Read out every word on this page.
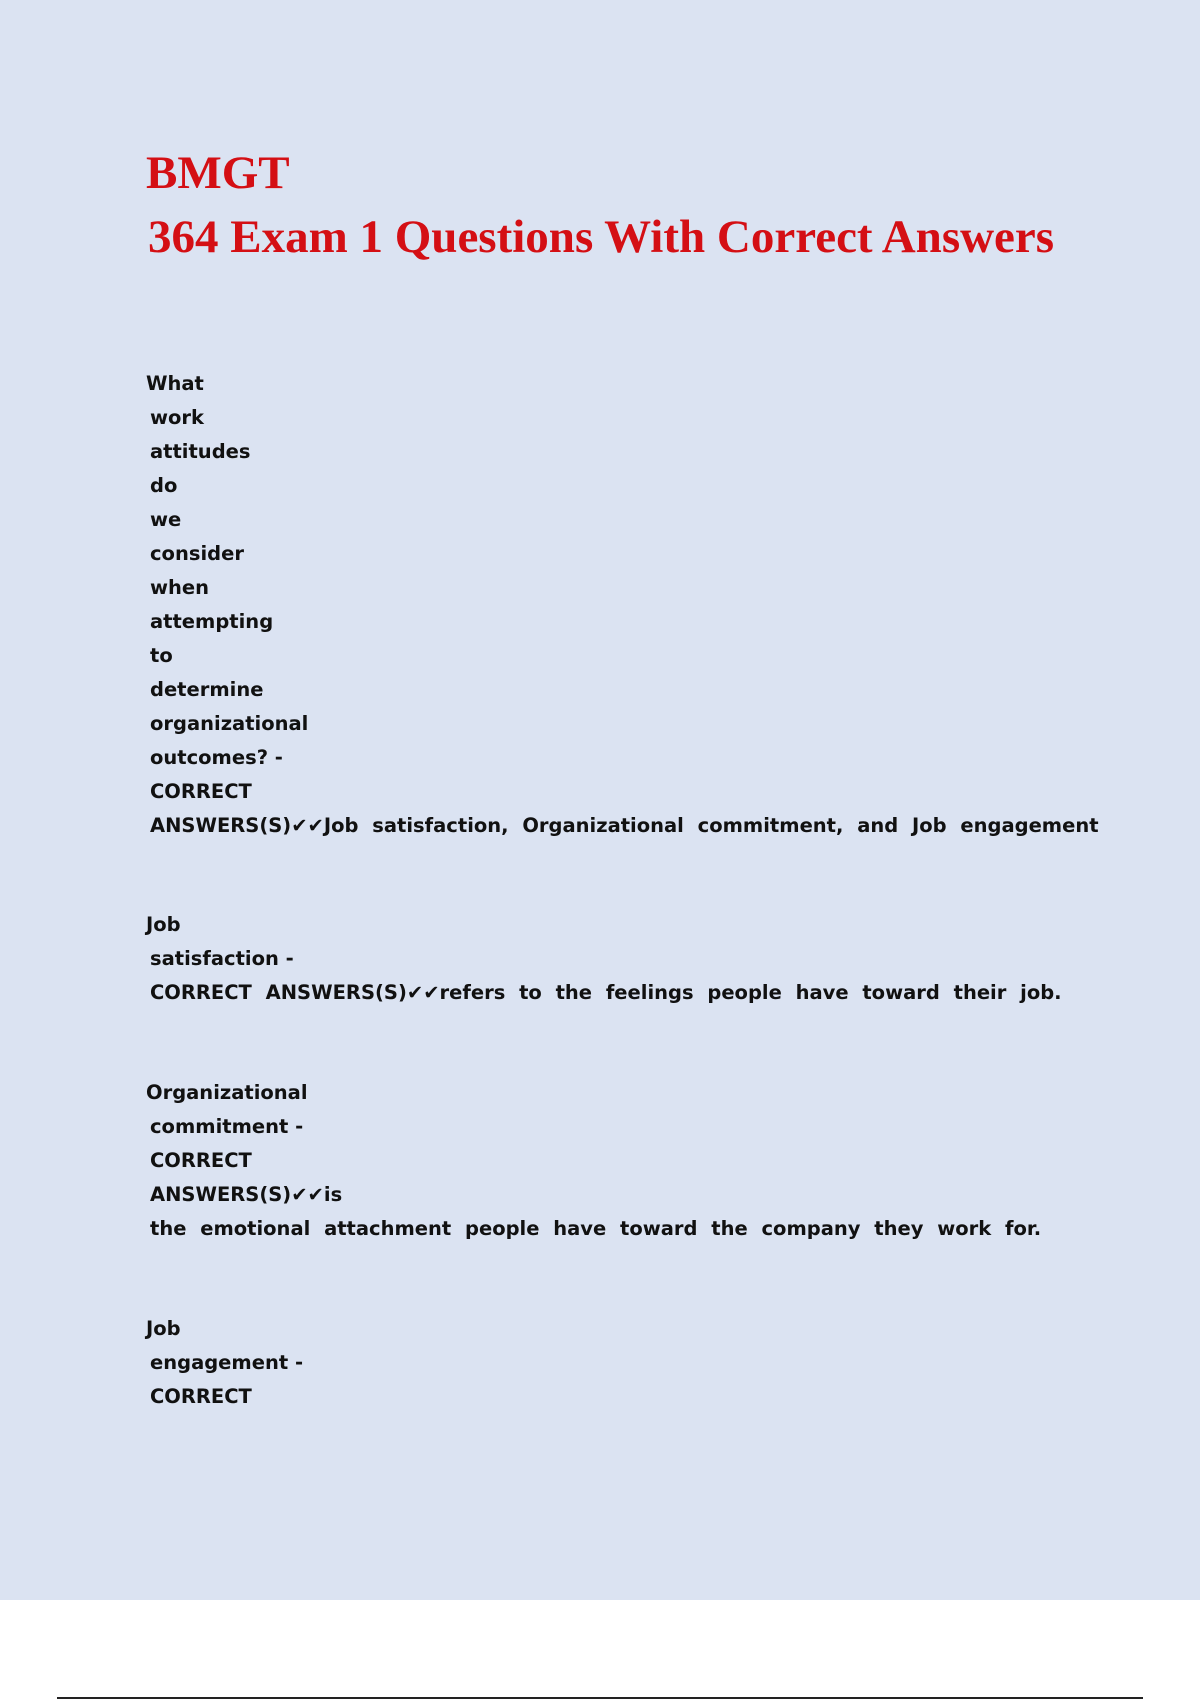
BMGT
364 Exam 1 Questions With Correct Answers
What
work
attitudes
do
we
consider
when
attempting
to
determine
organizational
outcomes? -
CORRECT
ANSWERS(S)✔✔Job satisfaction, Organizational commitment, and Job engagement
Job
satisfaction -
CORRECT ANSWERS(S)✔✔refers to the feelings people have toward their job.
Organizational
commitment -
CORRECT
ANSWERS(S)✔✔is
the emotional attachment people have toward the company they work for.
Job
engagement -
CORRECT
